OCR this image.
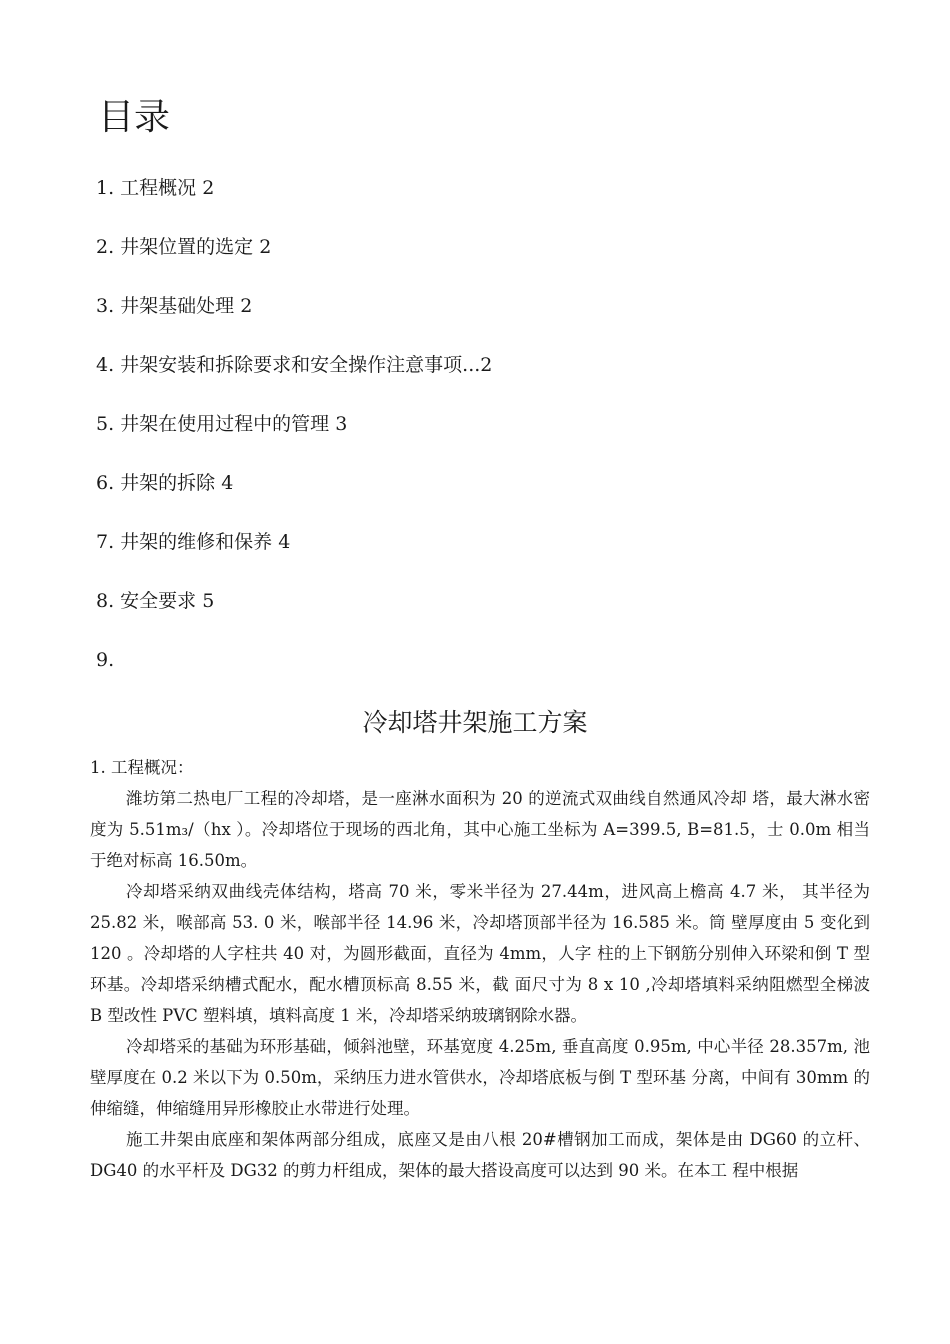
目录
1. 工程概况 2
2. 井架位置的选定 2
3. 井架基础处理 2
4. 井架安装和拆除要求和安全操作注意事项...2
5. 井架在使用过程中的管理 3
6. 井架的拆除 4
7. 井架的维修和保养 4
8. 安全要求 5
9.
冷却塔井架施工方案

1. 工程概况：

潍坊第二热电厂工程的冷却塔，是一座淋水面积为 20 的逆流式双曲线自然通风冷却 塔，最大淋水密度为 5.51m₃/（hx ）。冷却塔位于现场的西北角，其中心施工坐标为 A=399.5, B=81.5，士 0.0m 相当于绝对标高 16.50m。

冷却塔采纳双曲线壳体结构，塔高 70 米，零米半径为 27.44m，进风高上檐高 4.7 米， 其半径为 25.82 米，喉部高 53. 0 米，喉部半径 14.96 米，冷却塔顶部半径为 16.585 米。筒 壁厚度由 5 变化到 120 。冷却塔的人字柱共 40 对，为圆形截面，直径为 4mm，人字 柱的上下钢筋分别伸入环梁和倒 T 型环基。冷却塔采纳槽式配水，配水槽顶标高 8.55 米，截 面尺寸为 8 x 10 ,冷却塔填料采纳阻燃型全梯波 B 型改性 PVC 塑料填，填料高度 1 米，冷却塔采纳玻璃钢除水器。

冷却塔采的基础为环形基础，倾斜池壁，环基宽度 4.25m, 垂直高度 0.95m, 中心半径 28.357m, 池壁厚度在 0.2 米以下为 0.50m，采纳压力进水管供水，冷却塔底板与倒 T 型环基 分离，中间有 30mm 的伸缩缝，伸缩缝用异形橡胶止水带进行处理。

施工井架由底座和架体两部分组成，底座又是由八根 20#槽钢加工而成，架体是由 DG60 的立杆、DG40 的水平杆及 DG32 的剪力杆组成，架体的最大搭设高度可以达到 90 米。在本工 程中根据
